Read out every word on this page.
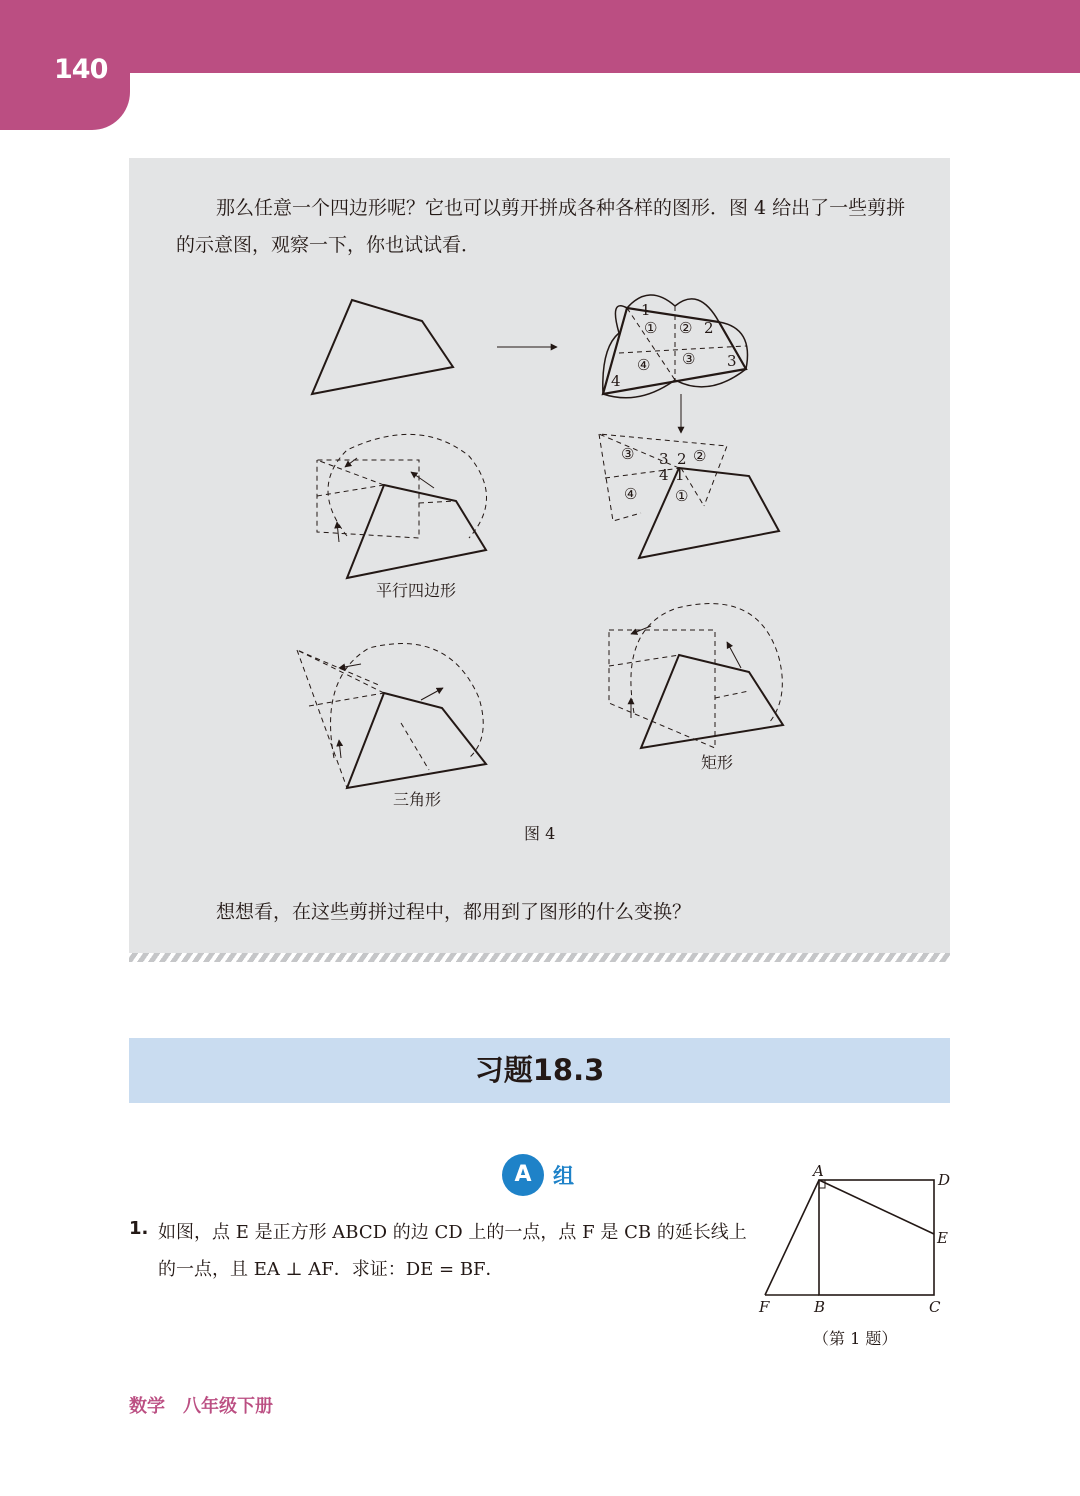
140

那么任意一个四边形呢？它也可以剪开拼成各种各样的图形．图 4 给出了一些剪拼的示意图，观察一下，你也试试看．

1
2
3
4
① ②
③
④
③ 3 2 ②
4 1
④	①
平行四边形
三角形
矩形
图 4

想想看，在这些剪拼过程中，都用到了图形的什么变换？

习题18.3
A	组
1. 如图，点 E 是正方形 ABCD 的边 CD 上的一点，点 F 是 CB 的延长线上的一点，且 EA ⊥ AF．求证：DE = BF．

A
B	C
D
E
F
（第 1 题）
数学　八年级下册
